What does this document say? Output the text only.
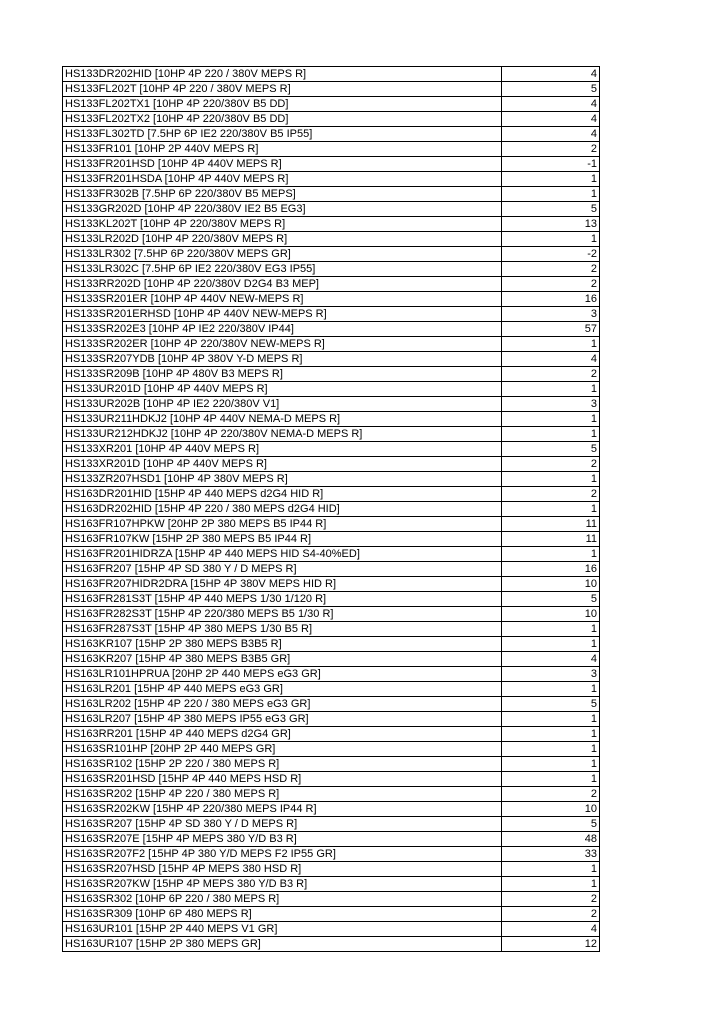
HS133DR202HID [10HP 4P 220 / 380V MEPS R]	4
HS133FL202T [10HP 4P 220 / 380V MEPS R]	5
HS133FL202TX1 [10HP 4P 220/380V B5 DD]	4
HS133FL202TX2 [10HP 4P 220/380V B5 DD]	4
HS133FL302TD [7.5HP 6P IE2 220/380V B5 IP55]	4
HS133FR101 [10HP 2P 440V MEPS R]	2
HS133FR201HSD [10HP 4P 440V MEPS R]	-1
HS133FR201HSDA [10HP 4P 440V MEPS R]	1
HS133FR302B [7.5HP 6P 220/380V B5 MEPS]	1
HS133GR202D [10HP 4P 220/380V IE2 B5 EG3]	5
HS133KL202T [10HP 4P 220/380V MEPS R]	13
HS133LR202D [10HP 4P 220/380V MEPS R]	1
HS133LR302 [7.5HP 6P 220/380V MEPS GR]	-2
HS133LR302C [7.5HP 6P IE2 220/380V EG3 IP55]	2
HS133RR202D [10HP 4P 220/380V D2G4 B3 MEP]	2
HS133SR201ER [10HP 4P 440V NEW-MEPS R]	16
HS133SR201ERHSD [10HP 4P 440V NEW-MEPS R]	3
HS133SR202E3 [10HP 4P IE2 220/380V IP44]	57
HS133SR202ER [10HP 4P 220/380V NEW-MEPS R]	1
HS133SR207YDB [10HP 4P 380V Y-D MEPS R]	4
HS133SR209B [10HP 4P 480V B3 MEPS R]	2
HS133UR201D [10HP 4P 440V MEPS R]	1
HS133UR202B [10HP 4P IE2 220/380V V1]	3
HS133UR211HDKJ2 [10HP 4P 440V NEMA-D MEPS R]	1
HS133UR212HDKJ2 [10HP 4P 220/380V NEMA-D MEPS R]	1
HS133XR201 [10HP 4P 440V MEPS R]	5
HS133XR201D [10HP 4P 440V MEPS R]	2
HS133ZR207HSD1 [10HP 4P 380V MEPS R]	1
HS163DR201HID [15HP 4P 440 MEPS d2G4 HID R]	2
HS163DR202HID [15HP 4P 220 / 380 MEPS d2G4 HID]	1
HS163FR107HPKW [20HP 2P 380 MEPS B5 IP44 R]	11
HS163FR107KW [15HP 2P 380 MEPS B5 IP44 R]	11
HS163FR201HIDRZA [15HP 4P 440 MEPS HID S4-40%ED]	1
HS163FR207 [15HP 4P SD 380 Y / D MEPS R]	16
HS163FR207HIDR2DRA [15HP 4P 380V MEPS HID R]	10
HS163FR281S3T [15HP 4P 440 MEPS 1/30 1/120 R]	5
HS163FR282S3T [15HP 4P 220/380 MEPS B5 1/30 R]	10
HS163FR287S3T [15HP 4P 380 MEPS 1/30 B5 R]	1
HS163KR107 [15HP 2P 380 MEPS B3B5 R]	1
HS163KR207 [15HP 4P 380 MEPS B3B5 GR]	4
HS163LR101HPRUA [20HP 2P 440 MEPS eG3 GR]	3
HS163LR201 [15HP 4P 440 MEPS eG3 GR]	1
HS163LR202 [15HP 4P 220 / 380 MEPS eG3 GR]	5
HS163LR207 [15HP 4P 380 MEPS IP55 eG3 GR]	1
HS163RR201 [15HP 4P 440 MEPS d2G4 GR]	1
HS163SR101HP [20HP 2P 440 MEPS GR]	1
HS163SR102 [15HP 2P 220 / 380 MEPS R]	1
HS163SR201HSD [15HP 4P 440 MEPS HSD R]	1
HS163SR202 [15HP 4P 220 / 380 MEPS R]	2
HS163SR202KW [15HP 4P 220/380 MEPS IP44 R]	10
HS163SR207 [15HP 4P SD 380 Y / D MEPS R]	5
HS163SR207E [15HP 4P MEPS 380 Y/D B3 R]	48
HS163SR207F2 [15HP 4P 380 Y/D MEPS F2 IP55 GR]	33
HS163SR207HSD [15HP 4P MEPS 380 HSD R]	1
HS163SR207KW [15HP 4P MEPS 380 Y/D B3 R]	1
HS163SR302 [10HP 6P 220 / 380 MEPS R]	2
HS163SR309 [10HP 6P 480 MEPS R]	2
HS163UR101 [15HP 2P 440 MEPS V1 GR]	4
HS163UR107 [15HP 2P 380 MEPS GR]	12
